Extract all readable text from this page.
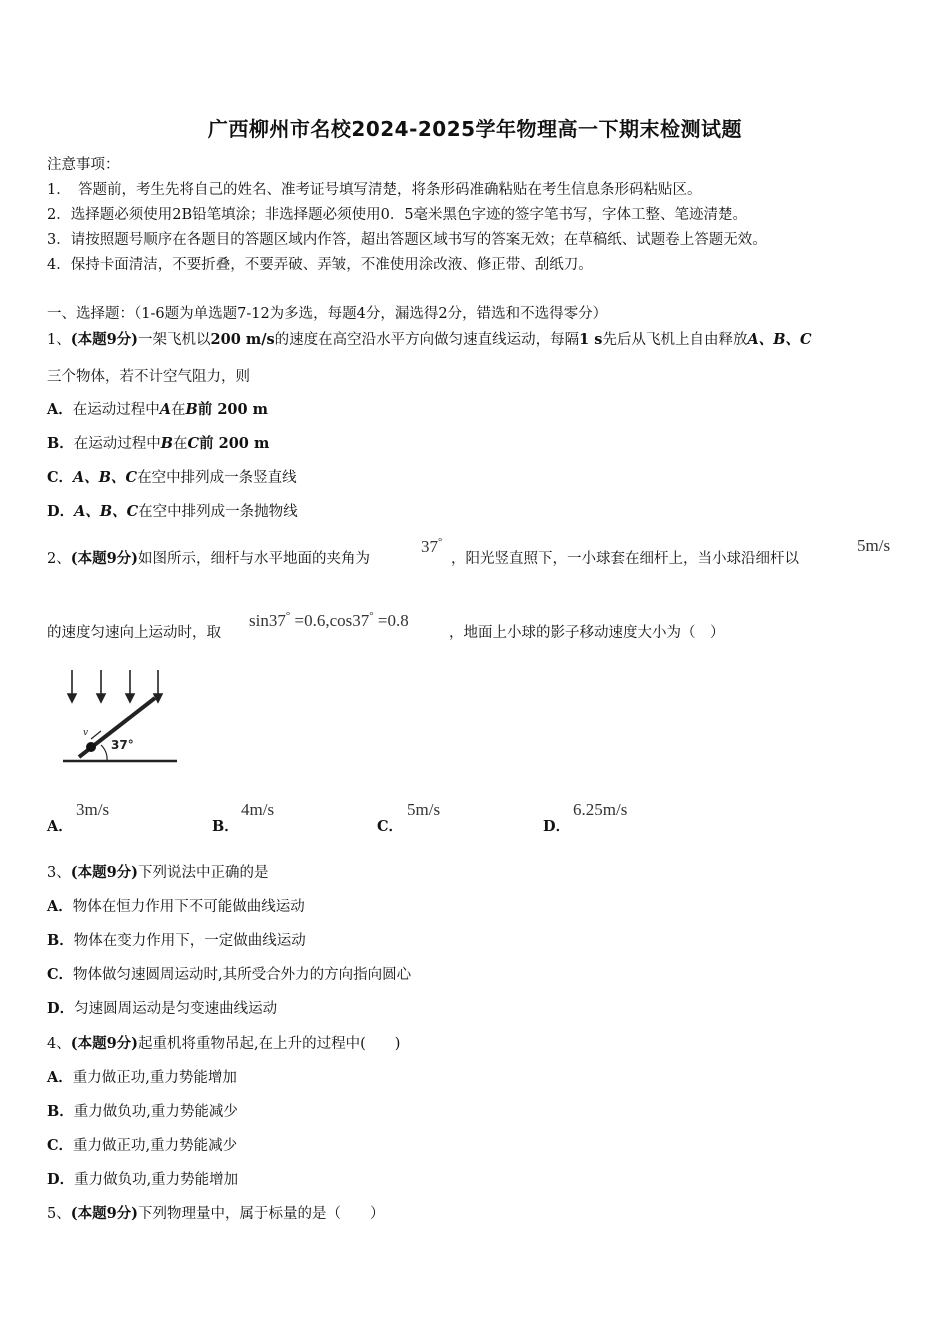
广西柳州市名校2024-2025学年物理高一下期末检测试题
注意事项：
1．　答题前，考生先将自己的姓名、准考证号填写清楚，将条形码准确粘贴在考生信息条形码粘贴区。
2．选择题必须使用2B铅笔填涂；非选择题必须使用0．5毫米黑色字迹的签字笔书写，字体工整、笔迹清楚。
3．请按照题号顺序在各题目的答题区域内作答，超出答题区域书写的答案无效；在草稿纸、试题卷上答题无效。
4．保持卡面清洁，不要折叠，不要弄破、弄皱，不准使用涂改液、修正带、刮纸刀。
一、选择题：（1-6题为单选题7-12为多选，每题4分，漏选得2分，错选和不选得零分）
1、(本题9分)一架飞机以200 m/s的速度在高空沿水平方向做匀速直线运动，每隔1 s先后从飞机上自由释放A、B、C
三个物体，若不计空气阻力，则
A．在运动过程中A在B前 200 m
B．在运动过程中B在C前 200 m
C．A、B、C在空中排列成一条竖直线
D．A、B、C在空中排列成一条抛物线
2、(本题9分)如图所示，细杆与水平地面的夹角为
37°
，阳光竖直照下，一小球套在细杆上，当小球沿细杆以
5m/s
的速度匀速向上运动时，取
sin37° =0.6,cos37° =0.8
，地面上小球的影子移动速度大小为（　）
v
37°
A．
3m/s
B．
4m/s
C．
5m/s
D．
6.25m/s
3、(本题9分)下列说法中正确的是
A．物体在恒力作用下不可能做曲线运动
B．物体在变力作用下，一定做曲线运动
C．物体做匀速圆周运动时,其所受合外力的方向指向圆心
D．匀速圆周运动是匀变速曲线运动
4、(本题9分)起重机将重物吊起,在上升的过程中(　　)
A．重力做正功,重力势能增加
B．重力做负功,重力势能减少
C．重力做正功,重力势能减少
D．重力做负功,重力势能增加
5、(本题9分)下列物理量中，属于标量的是（　　）
